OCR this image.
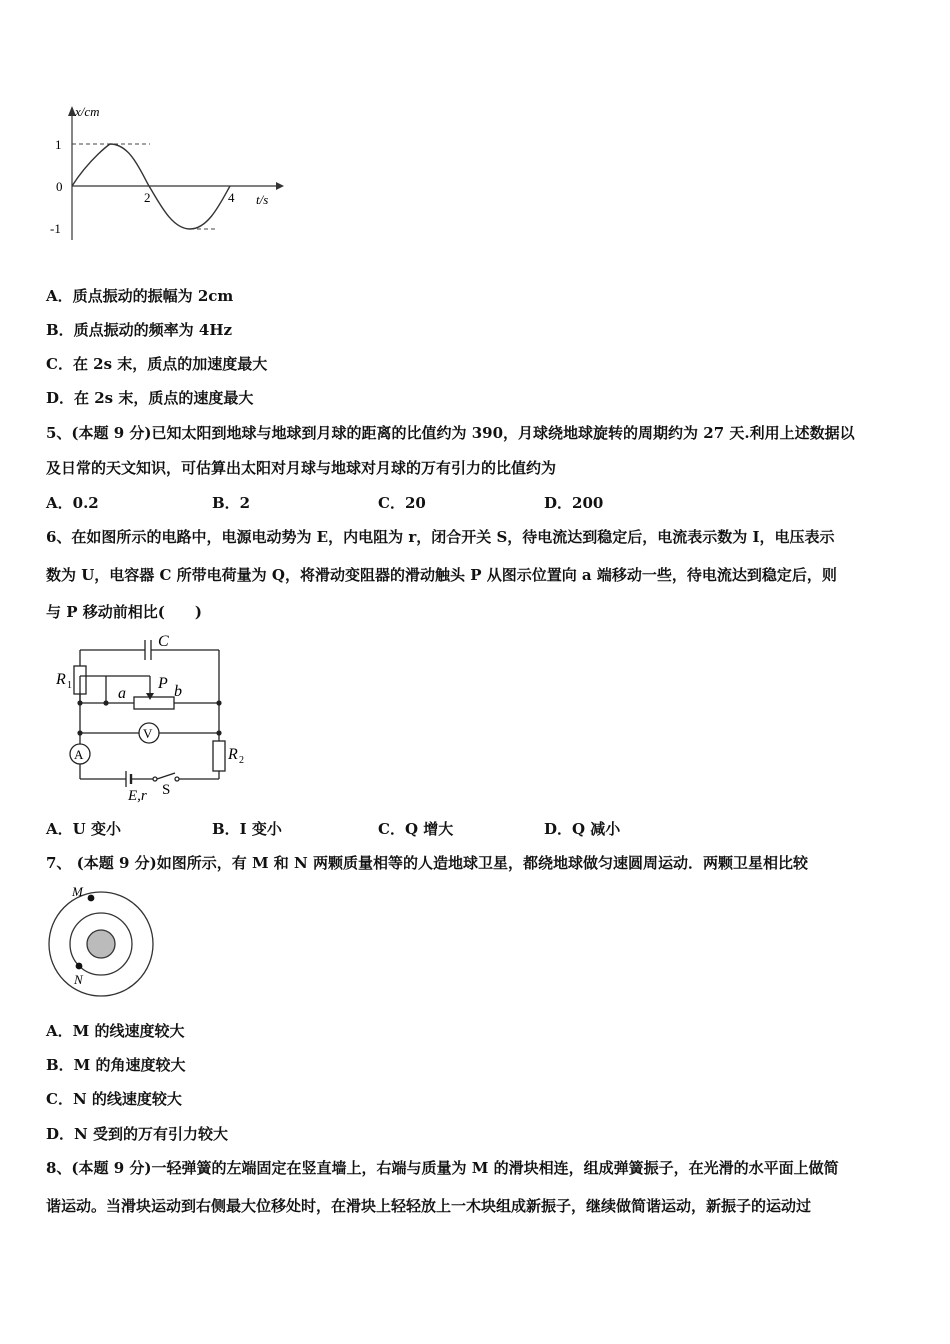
x/cm
t/s
1
0
-1
2	4
A．质点振动的振幅为 2cm
B．质点振动的频率为 4Hz
C．在 2s 末，质点的加速度最大
D．在 2s 末，质点的速度最大
5、(本题 9 分)已知太阳到地球与地球到月球的距离的比值约为 390，月球绕地球旋转的周期约为 27 天.利用上述数据以
及日常的天文知识，可估算出太阳对月球与地球对月球的万有引力的比值约为
A．0.2	B．2	C．20	D．200
6、在如图所示的电路中，电源电动势为 E，内电阻为 r，闭合开关 S，待电流达到稳定后，电流表示数为 I，电压表示
数为 U，电容器 C 所带电荷量为 Q，将滑动变阻器的滑动触头 P 从图示位置向 a 端移动一些，待电流达到稳定后，则
与 P 移动前相比(　　)
C
R 1	a
P b
V
A	R 2
E,r S
A．U 变小	B．I 变小	C．Q 增大	D．Q 减小
7、 (本题 9 分)如图所示，有 M 和 N 两颗质量相等的人造地球卫星，都绕地球做匀速圆周运动．两颗卫星相比较
M
N
A．M 的线速度较大
B．M 的角速度较大
C．N 的线速度较大
D．N 受到的万有引力较大
8、(本题 9 分)一轻弹簧的左端固定在竖直墙上，右端与质量为 M 的滑块相连，组成弹簧振子，在光滑的水平面上做简
谐运动。当滑块运动到右侧最大位移处时，在滑块上轻轻放上一木块组成新振子，继续做简谐运动，新振子的运动过
